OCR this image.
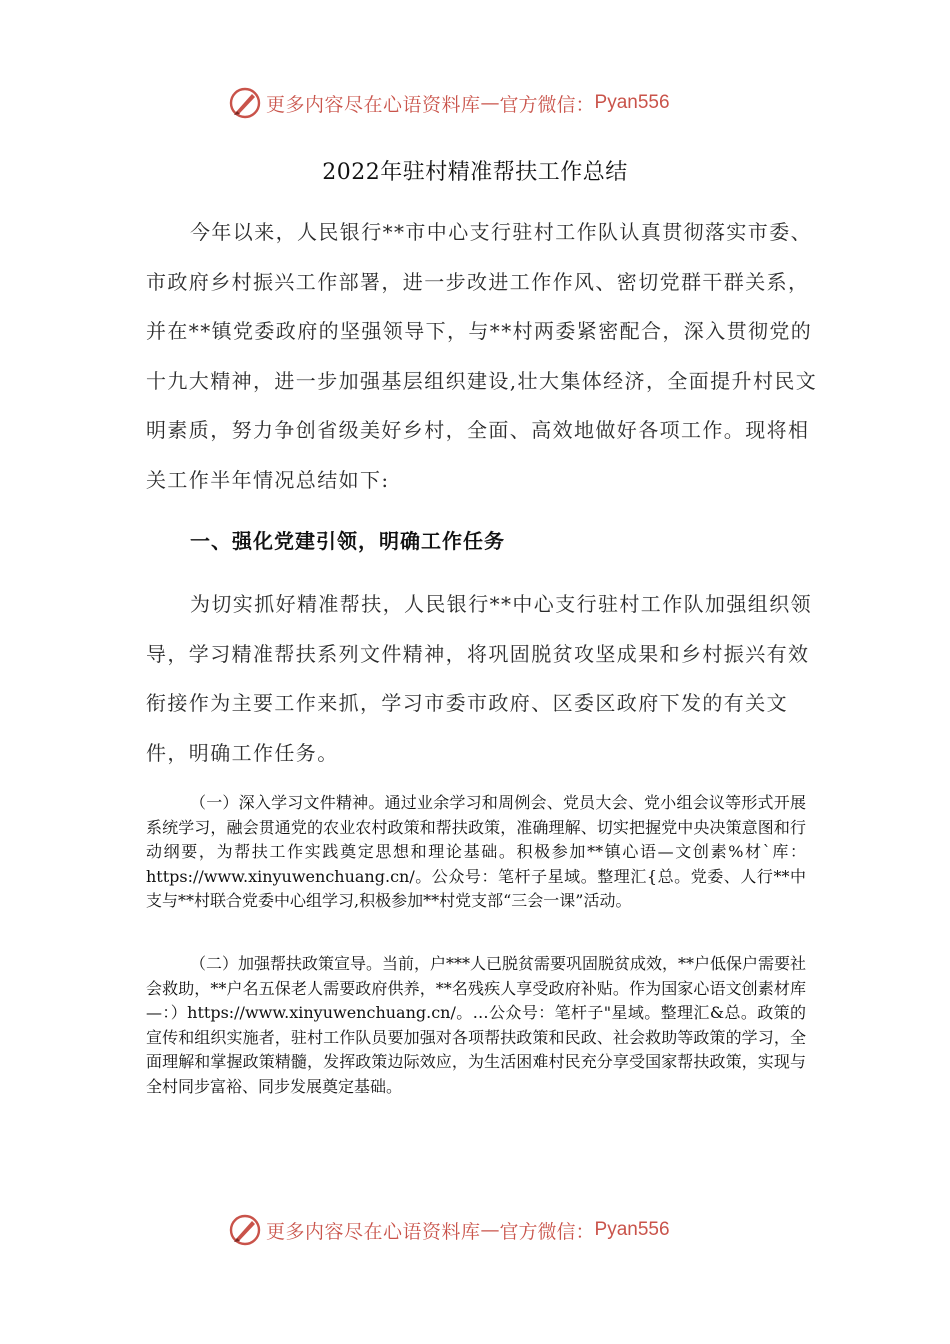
更多内容尽在心语资料库 — 官方微信： Pyan556
2022年驻村精准帮扶工作总结

今年以来，人民银行**市中心支行驻村工作队认真贯彻落实市委、市政府乡村振兴工作部署，进一步改进工作作风、密切党群干群关系，并在**镇党委政府的坚强领导下，与**村两委紧密配合，深入贯彻党的十九大精神，进一步加强基层组织建设,壮大集体经济，全面提升村民文明素质，努力争创省级美好乡村，全面、高效地做好各项工作。现将相关工作半年情况总结如下:

一、强化党建引领，明确工作任务

为切实抓好精准帮扶，人民银行**中心支行驻村工作队加强组织领导，学习精准帮扶系列文件精神，将巩固脱贫攻坚成果和乡村振兴有效衔接作为主要工作来抓，学习市委市政府、区委区政府下发的有关文件，明确工作任务。

（一）深入学习文件精神。通过业余学习和周例会、党员大会、党小组会议等形式开展系统学习，融会贯通党的农业农村政策和帮扶政策，准确理解、切实把握党中央决策意图和行动纲要，为帮扶工作实践奠定思想和理论基础。积极参加**镇心语—文创素%材`库：https://www.xinyuwenchuang.cn/。公众号：笔杆子星域。整理汇{总。党委、人行**中支与**村联合党委中心组学习,积极参加**村党支部“三会一课”活动。

（二）加强帮扶政策宣导。当前，户***人已脱贫需要巩固脱贫成效，**户低保户需要社会救助，**户名五保老人需要政府供养，**名残疾人享受政府补贴。作为国家心语文创素材库—：）https://www.xinyuwenchuang.cn/。…公众号：笔杆子"星域。整理汇&总。政策的宣传和组织实施者，驻村工作队员要加强对各项帮扶政策和民政、社会救助等政策的学习，全面理解和掌握政策精髓，发挥政策边际效应，为生活困难村民充分享受国家帮扶政策，实现与全村同步富裕、同步发展奠定基础。

更多内容尽在心语资料库 — 官方微信： Pyan556
